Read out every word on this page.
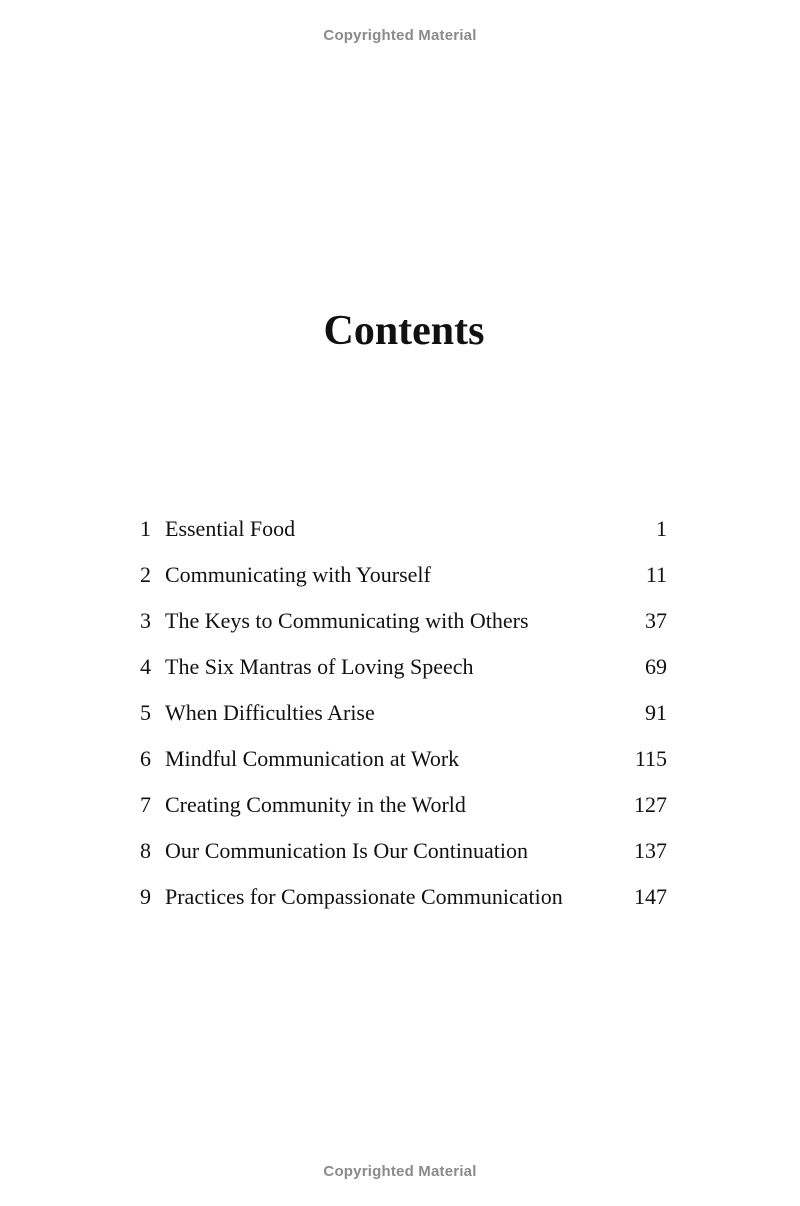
Copyrighted Material
Contents
1 Essential Food	1
2 Communicating with Yourself	11
3 The Keys to Communicating with Others	37
4 The Six Mantras of Loving Speech	69
5 When Difficulties Arise	91
6 Mindful Communication at Work	115
7 Creating Community in the World	127
8 Our Communication Is Our Continuation	137
9 Practices for Compassionate Communication	147
Copyrighted Material
